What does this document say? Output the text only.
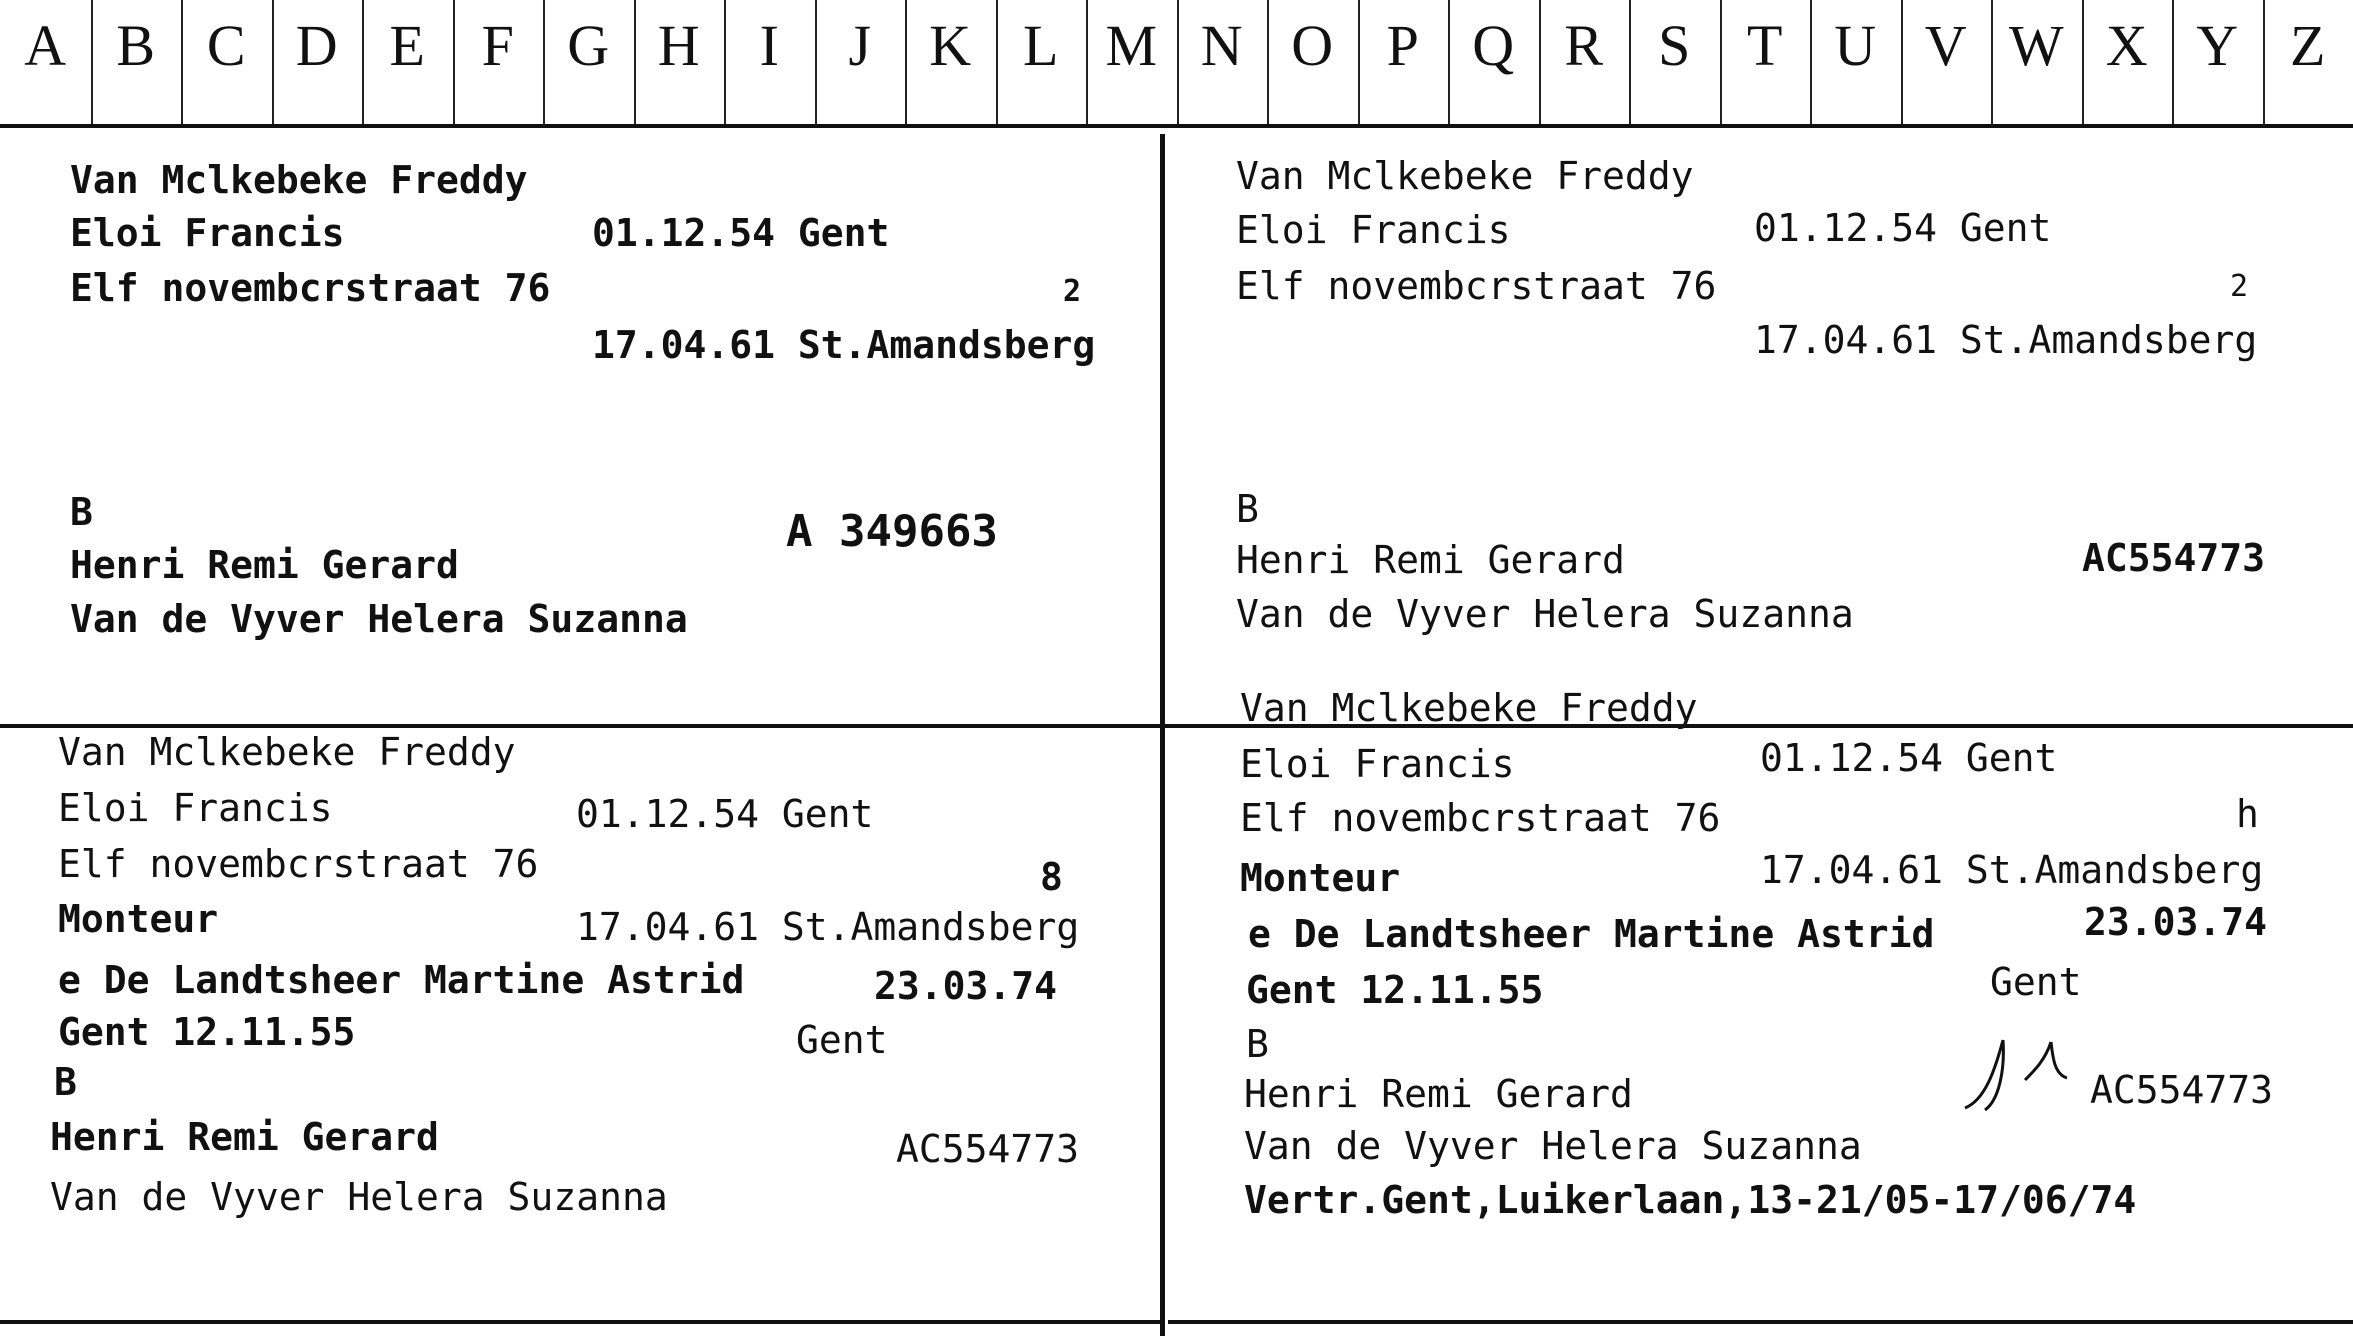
A B C D E F G H	I	J	K L M N O P Q R S T U V W X Y Z
Van Mclkebeke Freddy
Eloi Francis	01.12.54 Gent
Elf novembcrstraat 76	2
17.04.61 St.Amandsberg
B
Henri Remi Gerard
A 349663
Van de Vyver Helera Suzanna
Van Mclkebeke Freddy
Eloi Francis	01.12.54 Gent
Elf novembcrstraat 76	2
17.04.61 St.Amandsberg
B
Henri Remi Gerard	AC554773
Van de Vyver Helera Suzanna
Van Mclkebeke Freddy
Eloi Francis	01.12.54 Gent
Elf novembcrstraat 76	8
Monteur	17.04.61 St.Amandsberg
e De Landtsheer Martine Astrid	23.03.74
Gent 12.11.55	Gent
B
Henri Remi Gerard	AC554773
Van de Vyver Helera Suzanna
Van Mclkebeke Freddy
Eloi Francis	01.12.54 Gent
Elf novembcrstraat 76	h
Monteur	17.04.61 St.Amandsberg
e De Landtsheer Martine Astrid	23.03.74
Gent 12.11.55	Gent
B
Henri Remi Gerard	AC554773
Van de Vyver Helera Suzanna
Vertr.Gent,Luikerlaan,13-21/05-17/06/74
